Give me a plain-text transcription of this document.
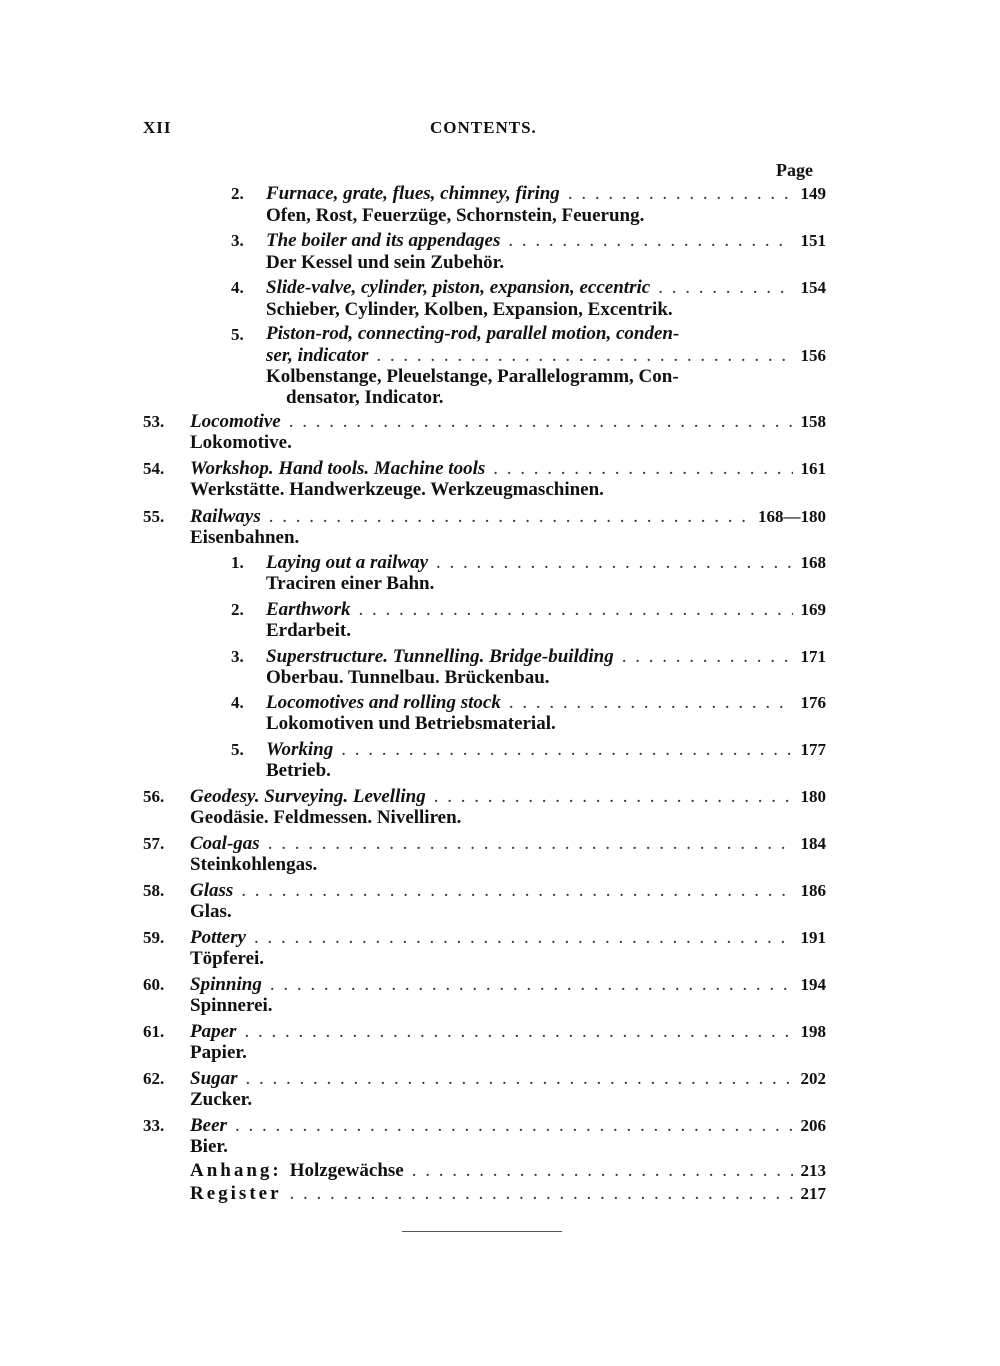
XII	CONTENTS.
Page
2. Furnace, grate, flues, chimney, firing . . .	149
Ofen, Rost, Feuerzüge, Schornstein, Feuerung.
3. The boiler and its appendages . . .	151
Der Kessel und sein Zubehör.
4. Slide-valve, cylinder, piston, expansion, eccentric . . .	154
Schieber, Cylinder, Kolben, Expansion, Excentrik.
5. Piston-rod, connecting-rod, parallel motion, conden-
ser, indicator . . .	156
Kolbenstange, Pleuelstange, Parallelogramm, Con-
densator, Indicator.
53. Locomotive . . .	158
Lokomotive.
54. Workshop. Hand tools. Machine tools . . .	161
Werkstätte. Handwerkzeuge. Werkzeugmaschinen.
55. Railways . . .	168—180
Eisenbahnen.
1. Laying out a railway . . .	168
Traciren einer Bahn.
2. Earthwork . . .	169
Erdarbeit.
3. Superstructure. Tunnelling. Bridge-building . . .	171
Oberbau. Tunnelbau. Brückenbau.
4. Locomotives and rolling stock . . .	176
Lokomotiven und Betriebsmaterial.
5. Working . . .	177
Betrieb.
56. Geodesy. Surveying. Levelling . . .	180
Geodäsie. Feldmessen. Nivelliren.
57. Coal-gas . . .	184
Steinkohlengas.
58. Glass . . .	186
Glas.
59. Pottery . . .	191
Töpferei.
60. Spinning . . .	194
Spinnerei.
61. Paper . . .	198
Papier.
62. Sugar . . .	202
Zucker.
33. Beer . . .	206
Bier.
Anhang: Holzgewächse . . .	213
Register . . .	217
